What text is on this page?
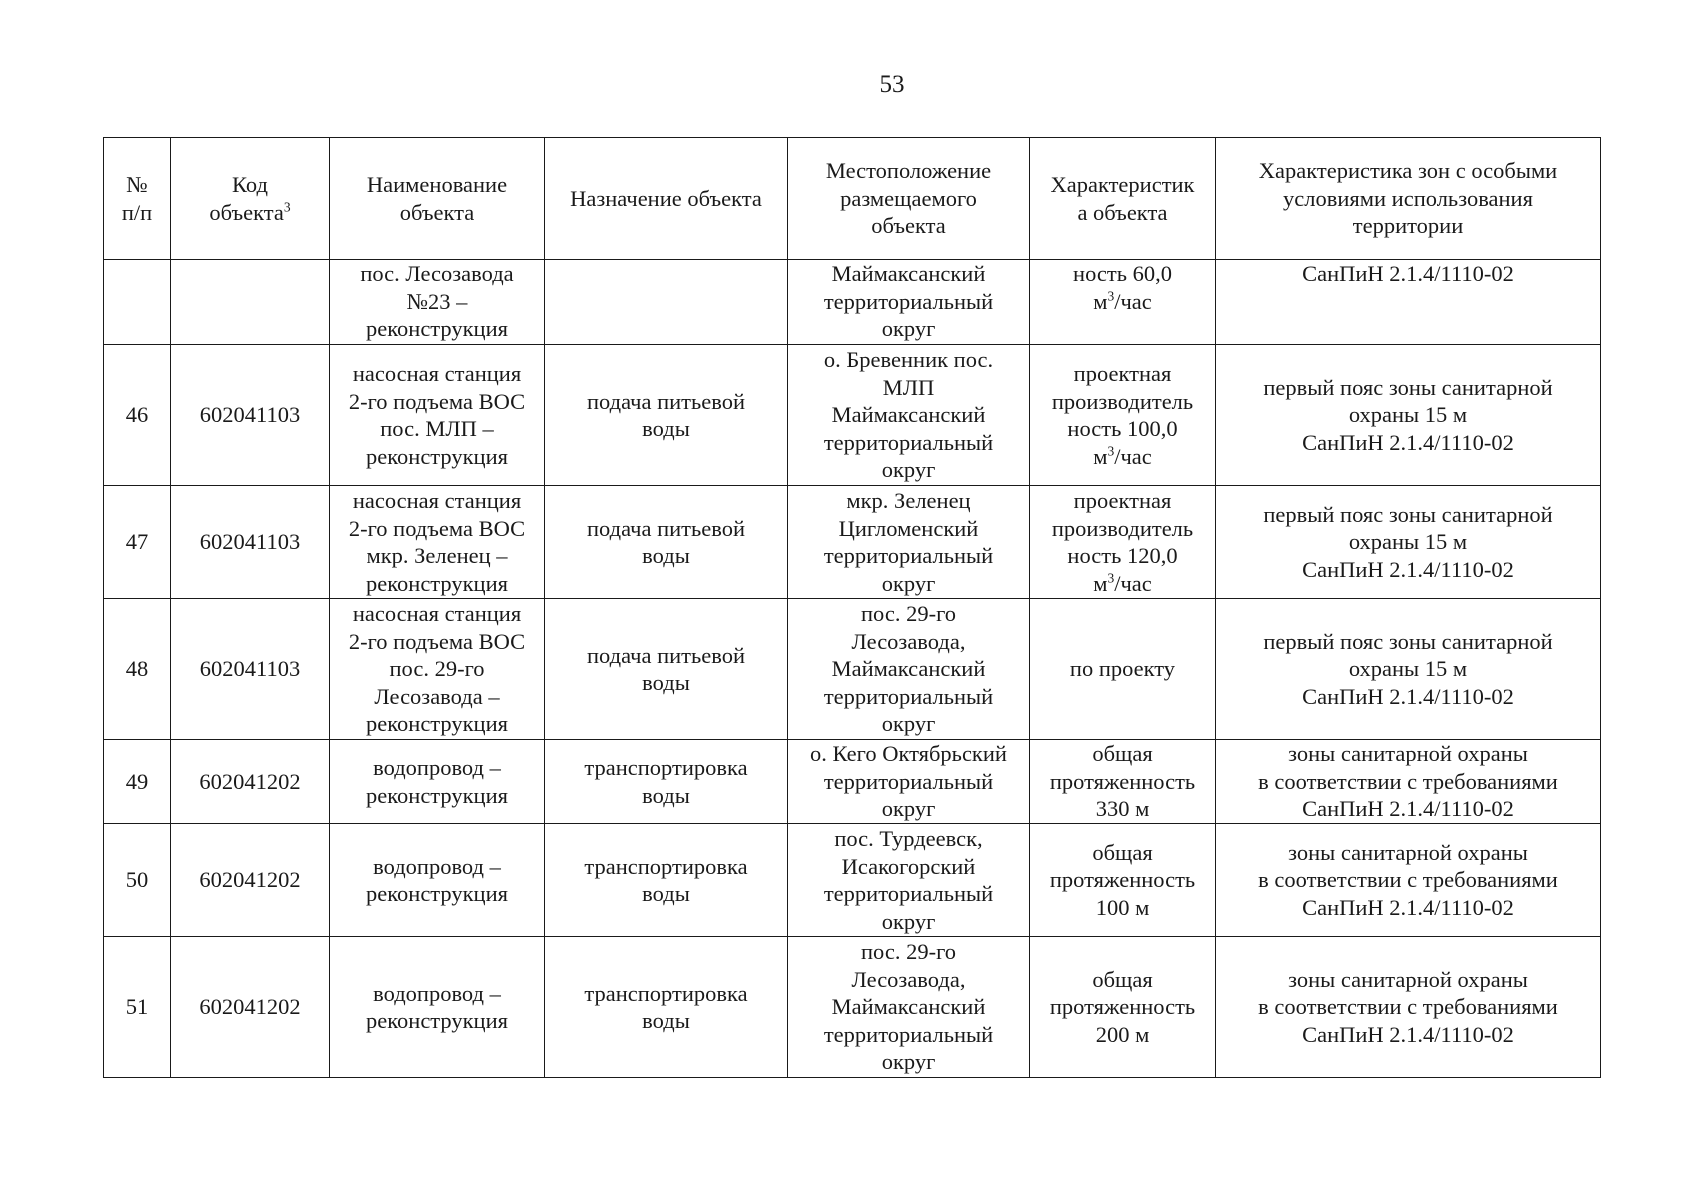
53
№
п/п	Код
объекта$^3$	Наименование
объекта	Назначение объекта	Местоположение
размещаемого
объекта	Характеристик
а объекта	Характеристика зон с особыми
условиями использования
территории
		пос. Лесозавода
№23 –
реконструкция		Маймаксанский
территориальный
округ	ность 60,0
$м^3$/час	СанПиН 2.1.4/1110-02
46	602041103	насосная станция
2-го подъема ВОС
пос. МЛП –
реконструкция	подача питьевой
воды	о. Бревенник пос.
МЛП
Маймаксанский
территориальный
округ	проектная
производитель
ность 100,0
$м^3$/час	первый пояс зоны санитарной
охраны 15 м
СанПиН 2.1.4/1110-02
47	602041103	насосная станция
2-го подъема ВОС
мкр. Зеленец –
реконструкция	подача питьевой
воды	мкр. Зеленец
Цигломенский
территориальный
округ	проектная
производитель
ность 120,0
$м^3$/час	первый пояс зоны санитарной
охраны 15 м
СанПиН 2.1.4/1110-02
48	602041103	насосная станция
2-го подъема ВОС
пос. 29-го
Лесозавода –
реконструкция	подача питьевой
воды	пос. 29-го
Лесозавода,
Маймаксанский
территориальный
округ	по проекту	первый пояс зоны санитарной
охраны 15 м
СанПиН 2.1.4/1110-02
49	602041202	водопровод –
реконструкция	транспортировка
воды	о. Кего Октябрьский
территориальный
округ	общая
протяженность
330 м	зоны санитарной охраны
в соответствии с требованиями
СанПиН 2.1.4/1110-02
50	602041202	водопровод –
реконструкция	транспортировка
воды	пос. Турдеевск,
Исакогорский
территориальный
округ	общая
протяженность
100 м	зоны санитарной охраны
в соответствии с требованиями
СанПиН 2.1.4/1110-02
51	602041202	водопровод –
реконструкция	транспортировка
воды	пос. 29-го
Лесозавода,
Маймаксанский
территориальный
округ	общая
протяженность
200 м	зоны санитарной охраны
в соответствии с требованиями
СанПиН 2.1.4/1110-02
